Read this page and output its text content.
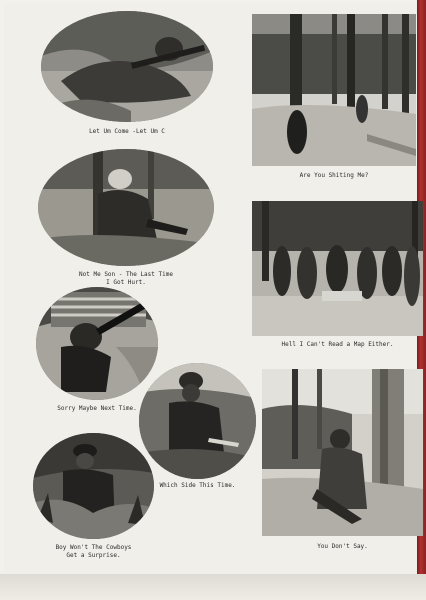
Let Um Come -Let Um C
Are You Shiting Me?
Not Me Son - The Last Time
I Got Hurt.
Hell I Can't Read a Map Either.
Sorry Maybe Next Time.
Which Side This Time.
Boy Won't The Cowboys
Get a Surprise.
You Don't Say.
